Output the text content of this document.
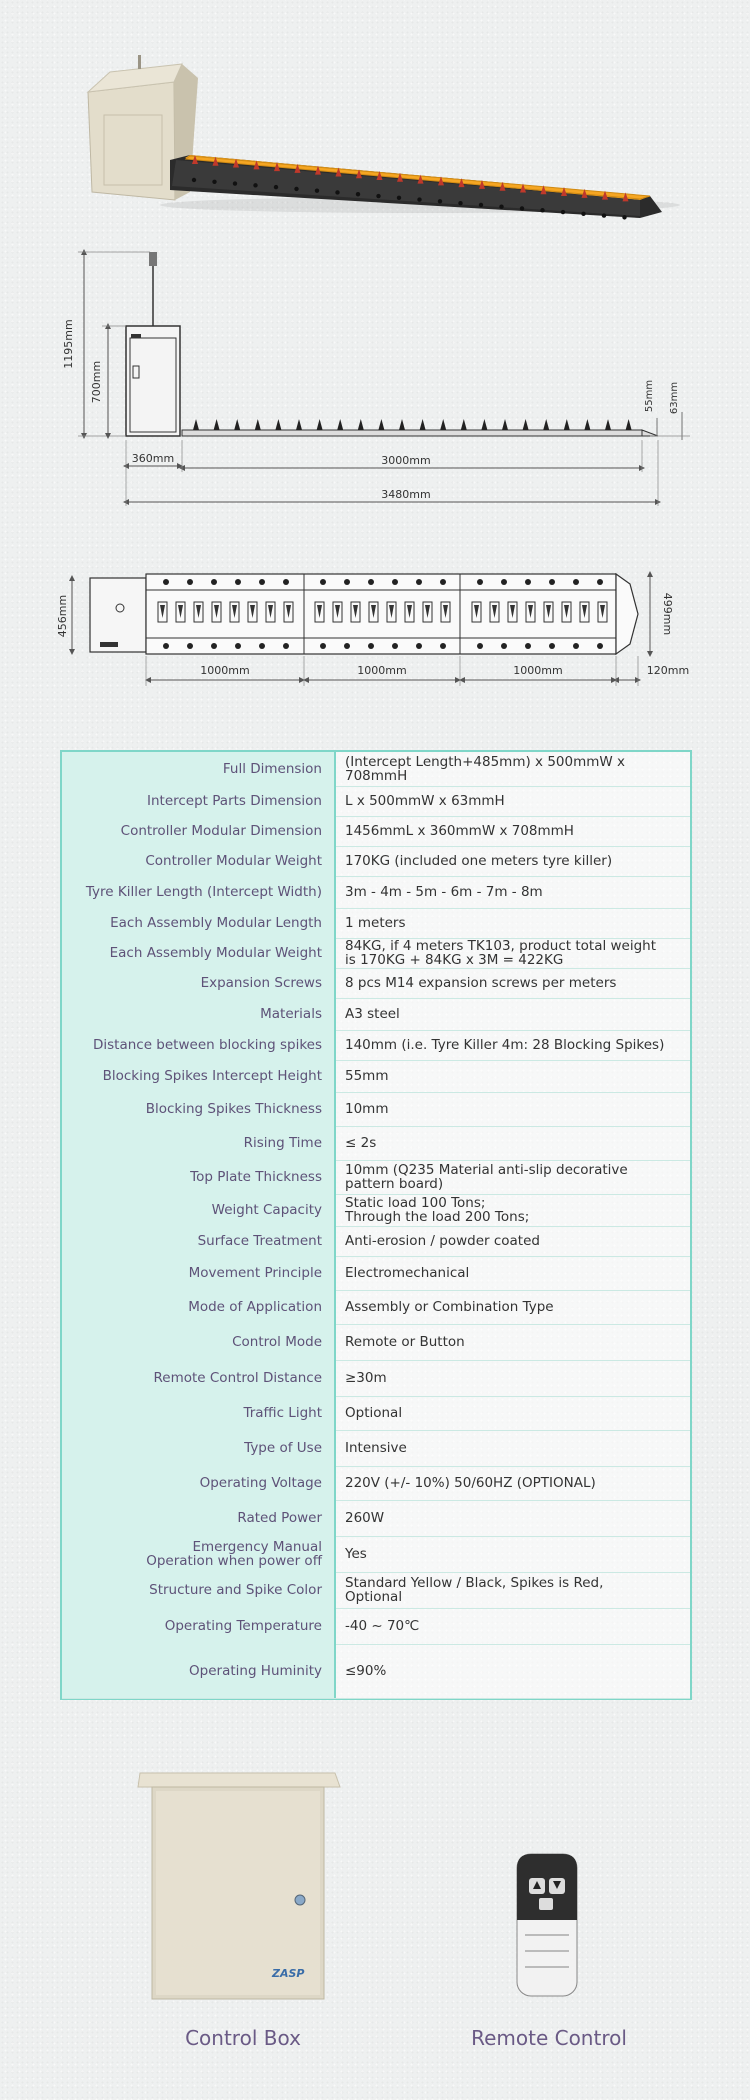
1195mm
700mm	55mm 63mm
360mm	3000mm
3480mm
456mm	499mm
1000mm	1000mm	1000mm	120mm
Full Dimension	(Intercept Length+485mm) x 500mmW x 708mmH
Intercept Parts Dimension	L x 500mmW x 63mmH
Controller Modular Dimension	1456mmL x 360mmW x 708mmH
Controller Modular Weight	170KG (included one meters tyre killer)
Tyre Killer Length (Intercept Width)	3m - 4m - 5m - 6m - 7m - 8m
Each Assembly Modular Length	1 meters
Each Assembly Modular Weight	84KG, if 4 meters TK103, product total weight
is 170KG + 84KG x 3M = 422KG
Expansion Screws	8 pcs M14 expansion screws per meters
Materials	A3 steel
Distance between blocking spikes	140mm (i.e. Tyre Killer 4m: 28 Blocking Spikes)
Blocking Spikes Intercept Height	55mm
Blocking Spikes Thickness	10mm
Rising Time	≤ 2s
Top Plate Thickness	10mm (Q235 Material anti-slip decorative
pattern board)
Weight Capacity	Static load 100 Tons;
Through the load 200 Tons;
Surface Treatment	Anti-erosion / powder coated
Movement Principle	Electromechanical
Mode of Application	Assembly or Combination Type
Control Mode	Remote or Button
Remote Control Distance	≥30m
Traffic Light	Optional
Type of Use	Intensive
Operating Voltage	220V (+/- 10%) 50/60HZ (OPTIONAL)
Rated Power	260W
Emergency Manual
Operation when power off	Yes
Structure and Spike Color	Standard Yellow / Black, Spikes is Red,
Optional
Operating Temperature	-40 ~ 70℃
Operating Huminity	≤90%
ZASP
Control Box	Remote Control
